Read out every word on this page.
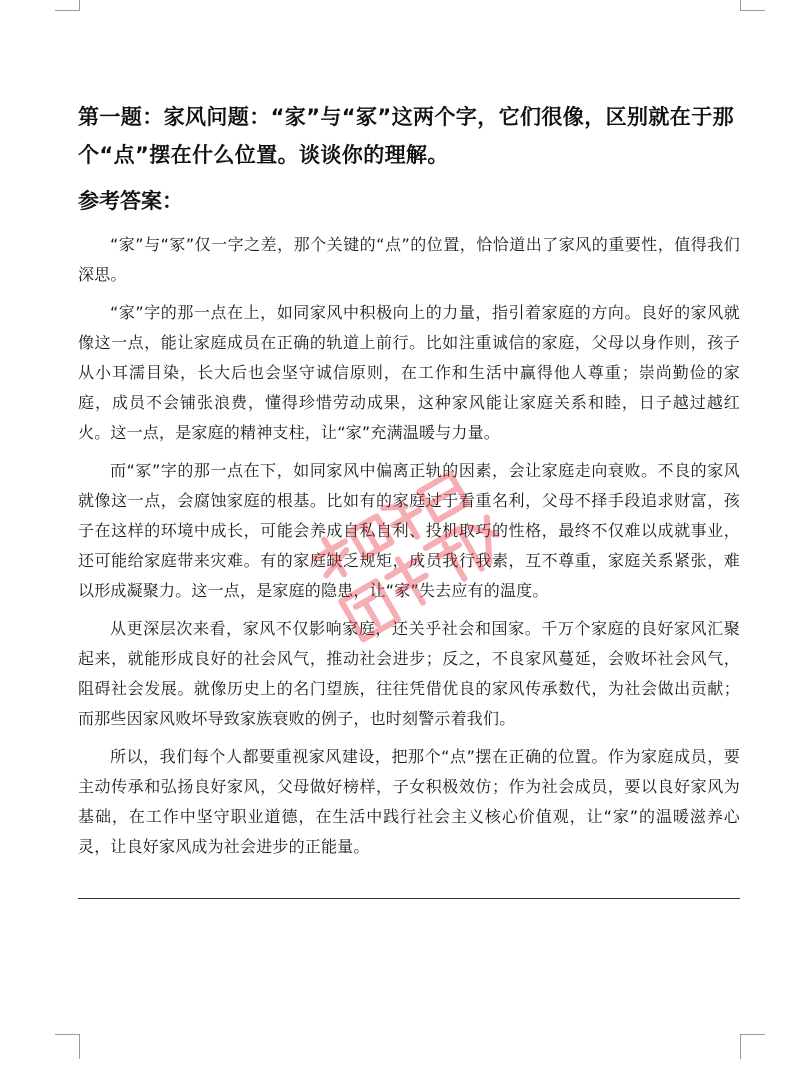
第一题：家风问题：“家”与“冢”这两个字，它们很像，区别就在于那个“点”摆在什么位置。谈谈你的理解。
参考答案：

“家”与“冢”仅一字之差，那个关键的“点”的位置，恰恰道出了家风的重要性，值得我们深思。

“家”字的那一点在上，如同家风中积极向上的力量，指引着家庭的方向。良好的家风就像这一点，能让家庭成员在正确的轨道上前行。比如注重诚信的家庭，父母以身作则，孩子从小耳濡目染，长大后也会坚守诚信原则，在工作和生活中赢得他人尊重；崇尚勤俭的家庭，成员不会铺张浪费，懂得珍惜劳动成果，这种家风能让家庭关系和睦，日子越过越红火。这一点，是家庭的精神支柱，让“家”充满温暖与力量。

而“冢”字的那一点在下，如同家风中偏离正轨的因素，会让家庭走向衰败。不良的家风就像这一点，会腐蚀家庭的根基。比如有的家庭过于看重名利，父母不择手段追求财富，孩子在这样的环境中成长，可能会养成自私自利、投机取巧的性格，最终不仅难以成就事业，还可能给家庭带来灾难。有的家庭缺乏规矩，成员我行我素，互不尊重，家庭关系紧张，难以形成凝聚力。这一点，是家庭的隐患，让“家”失去应有的温度。

从更深层次来看，家风不仅影响家庭，还关乎社会和国家。千万个家庭的良好家风汇聚起来，就能形成良好的社会风气，推动社会进步；反之，不良家风蔓延，会败坏社会风气，阻碍社会发展。就像历史上的名门望族，往往凭借优良的家风传承数代，为社会做出贡献；而那些因家风败坏导致家族衰败的例子，也时刻警示着我们。

所以，我们每个人都要重视家风建设，把那个“点”摆在正确的位置。作为家庭成员，要主动传承和弘扬良好家风，父母做好榜样，子女积极效仿；作为社会成员，要以良好家风为基础，在工作中坚守职业道德，在生活中践行社会主义核心价值观，让“家”的温暖滋养心灵，让良好家风成为社会进步的正能量。
